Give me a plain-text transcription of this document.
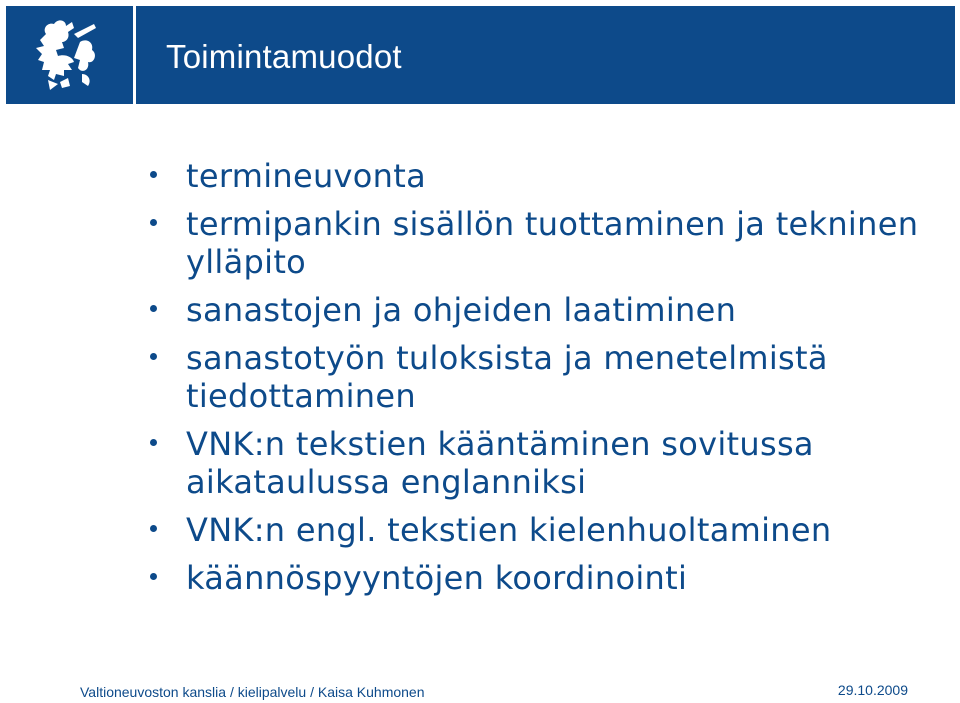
Toimintamuodot
termineuvonta
termipankin sisällön tuottaminen ja tekninen ylläpito
sanastojen ja ohjeiden laatiminen
sanastotyön tuloksista ja menetelmistä tiedottaminen
VNK:n tekstien kääntäminen sovitussa aikataulussa englanniksi
VNK:n engl. tekstien kielenhuoltaminen
käännöspyyntöjen koordinointi
Valtioneuvoston kanslia / kielipalvelu / Kaisa Kuhmonen	29.10.2009
